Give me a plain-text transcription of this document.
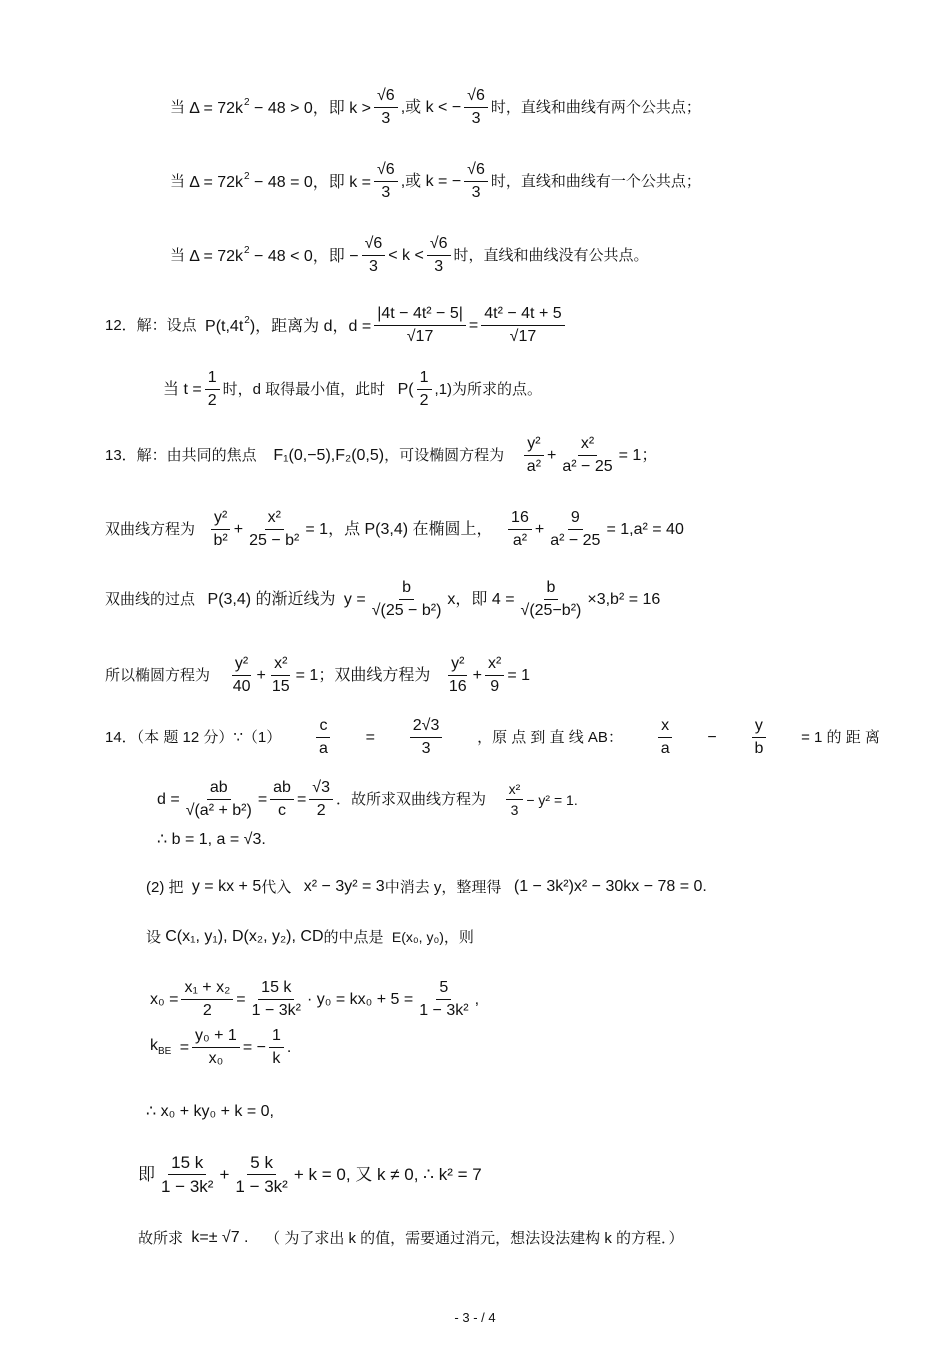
当
$\Delta = 72k^2 - 48 > 0$，即 $k > \frac{√6}{3}$ ,或 k < − $\frac{√6}{3}$ 时，直线和曲线有两个公共点；
当
$\Delta = 72k^2 - 48 = 0$，即 $k = \frac{√6}{3}$ ,或 k = − $\frac{√6}{3}$ 时，直线和曲线有一个公共点；
当
$\Delta = 72k^2 - 48 < 0$，即 − $\frac{√6}{3} < k < \frac{√6}{3}$ 时，直线和曲线没有公共点。
12．解：设点
$P(t,4t^2)$，距离为 d，$d = \frac{\text{|4t − 4t² − 5|}}{√17} = \frac{\text{4t² − 4t + 5}}{√17}$
当 $t = \frac{1}{2}$ 时，d 取得最小值，此时
$P( \frac{1}{2} ,1)$为所求的点。
13．解：由共同的焦点
F₁(0,−5),F₂(0,5) ，可设椭圆方程为
$\frac{\text{y²}}{\text{a²}} + \frac{\text{x²}}{\text{a² − 25}} = 1$；
双曲线方程为
$\frac{\text{y²}}{\text{b²}} + \frac{\text{x²}}{\text{25 − b²}} = 1$，点 P(3,4) 在椭圆上，
$\frac{16}{\text{a²}} + \frac{9}{\text{a² − 25}} = 1,a^2 = 40$
双曲线的过点
P(3,4) 的渐近线为
$y = \frac{b}{\text{√(25 − b²)}}$ x，即 $4 = \frac{b}{\text{√(25−b²)}} \times 3,b^2 = 16$
所以椭圆方程为
$\frac{\text{y²}}{40} + \frac{\text{x²}}{15} = 1$；双曲线方程为
$\frac{\text{y²}}{16} + \frac{\text{x²}}{9} = 1$
14．（本 题 12 分）∵（1） $\frac{c}{a} = \frac{2√3}{3}$ ，原 点 到 直 线 AB： $\frac{x}{a} - \frac{y}{b} = 1$ 的 距 离
$d = \frac{ab}{\text{√(a² + b²)}} = \frac{ab}{c} = \frac{√3}{2}$ ．故所求双曲线方程为
$\frac{\text{x²}}{3} - y^2 = 1$.
∴ b = 1, a = √3.
(2) 把
y = kx + 5 代入
x² − 3y² = 3 中消去 y，整理得
(1 − 3k²)x² − 30kx − 78 = 0.
设
C(x₁, y₁), D(x₂, y₂), CD 的中点是
E(x₀, y₀) ，则
$x_0 = \frac{\text{x₁ + x₂}}{2} = \frac{15 k}{\text{1 − 3k²}} \cdot y_0 = kx_0 + 5 = \frac{5}{\text{1 − 3k²}}$ ,
$k_{BE}$
= $\frac{\text{y₀ + 1}}{\text{x₀}}$ = − $\frac{1}{k}$ .
∴ x₀ + ky₀ + k = 0,
即 $\frac{15 k}{\text{1 − 3k²}} + \frac{5 k}{\text{1 − 3k²}} + k = 0$, 又 k ≠ 0, ∴ k² = 7
故所求
k=± √7 .
（ 为了求出 k 的值，需要通过消元，想法设法建构 k 的方程．）
- 3 - / 4
